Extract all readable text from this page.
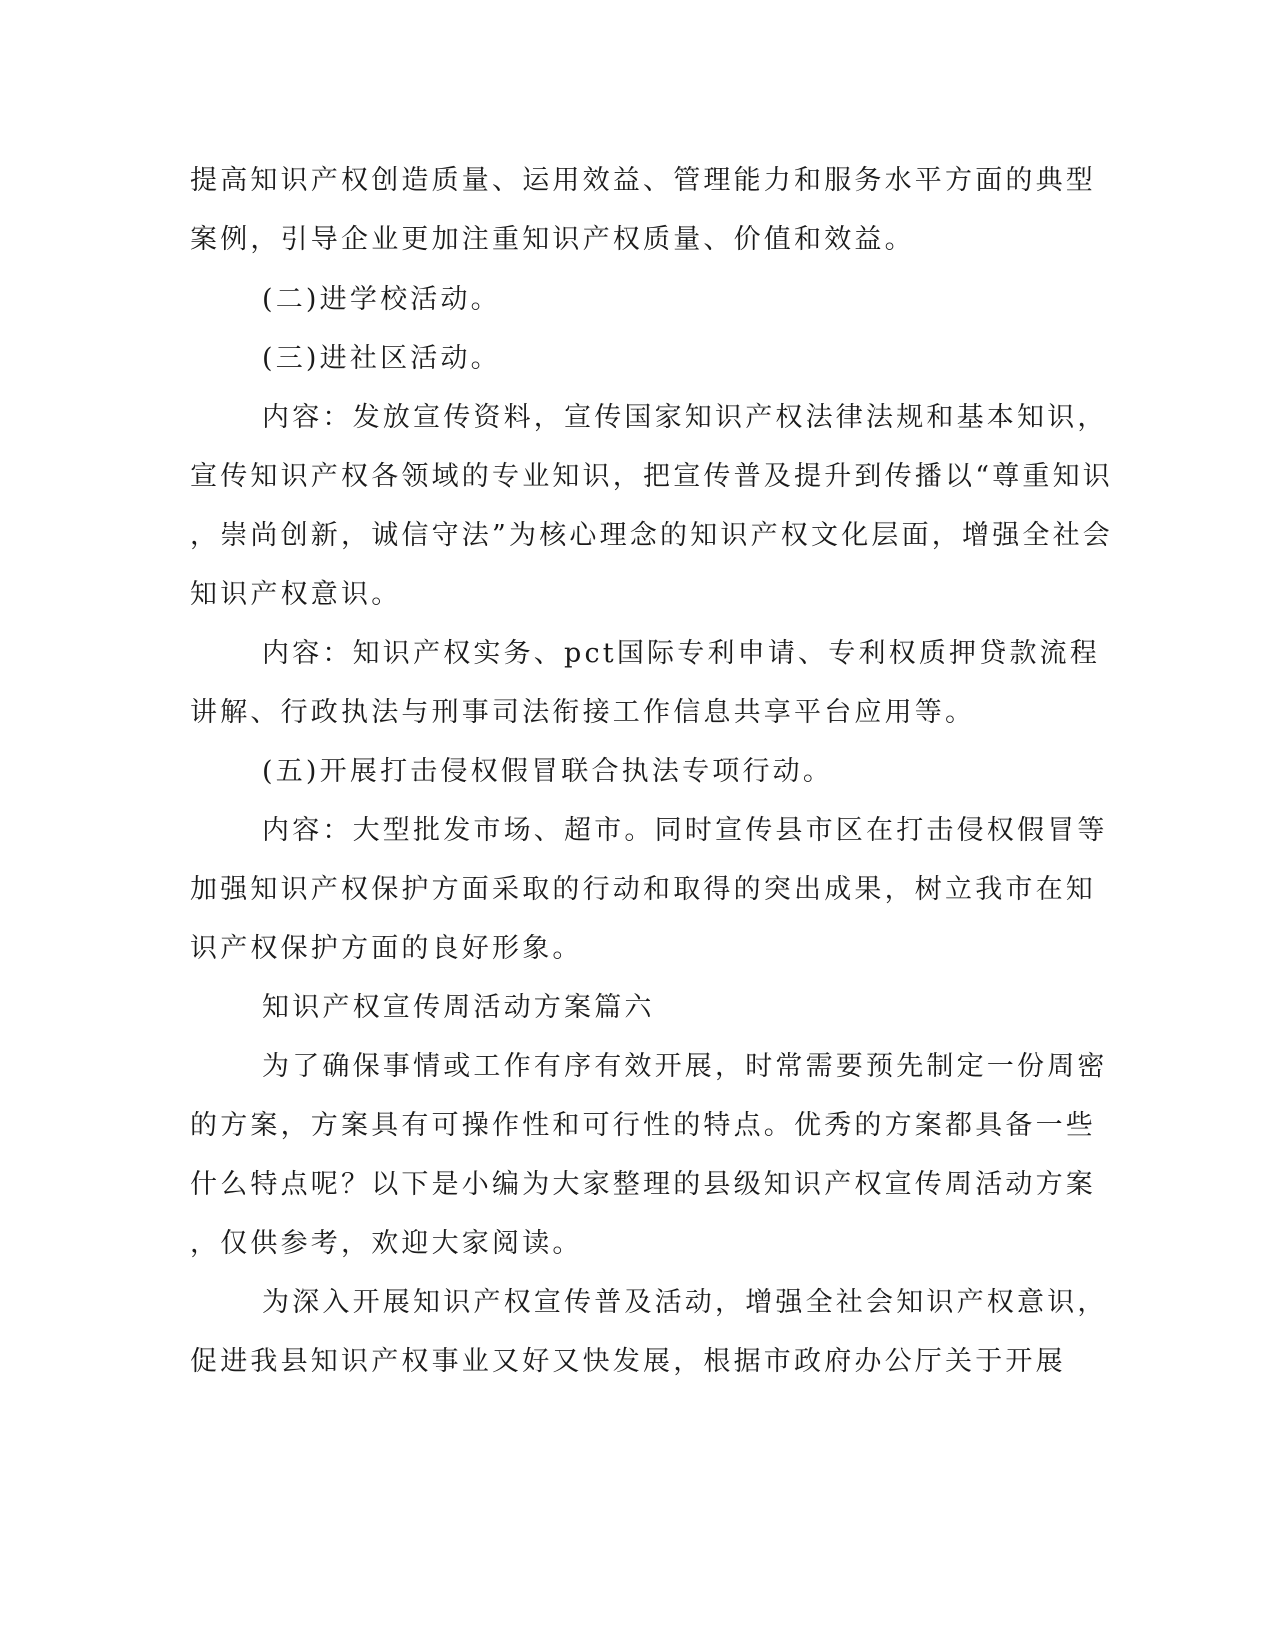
提高知识产权创造质量、运用效益、管理能力和服务水平方面的典型

案例，引导企业更加注重知识产权质量、价值和效益。

(二)进学校活动。

(三)进社区活动。

内容：发放宣传资料，宣传国家知识产权法律法规和基本知识，

宣传知识产权各领域的专业知识，把宣传普及提升到传播以“尊重知识

，崇尚创新，诚信守法”为核心理念的知识产权文化层面，增强全社会

知识产权意识。

内容：知识产权实务、pct国际专利申请、专利权质押贷款流程

讲解、行政执法与刑事司法衔接工作信息共享平台应用等。

(五)开展打击侵权假冒联合执法专项行动。

内容：大型批发市场、超市。同时宣传县市区在打击侵权假冒等

加强知识产权保护方面采取的行动和取得的突出成果，树立我市在知

识产权保护方面的良好形象。

知识产权宣传周活动方案篇六

为了确保事情或工作有序有效开展，时常需要预先制定一份周密

的方案，方案具有可操作性和可行性的特点。优秀的方案都具备一些

什么特点呢？以下是小编为大家整理的县级知识产权宣传周活动方案

，仅供参考，欢迎大家阅读。

为深入开展知识产权宣传普及活动，增强全社会知识产权意识，

促进我县知识产权事业又好又快发展，根据市政府办公厅关于开展
